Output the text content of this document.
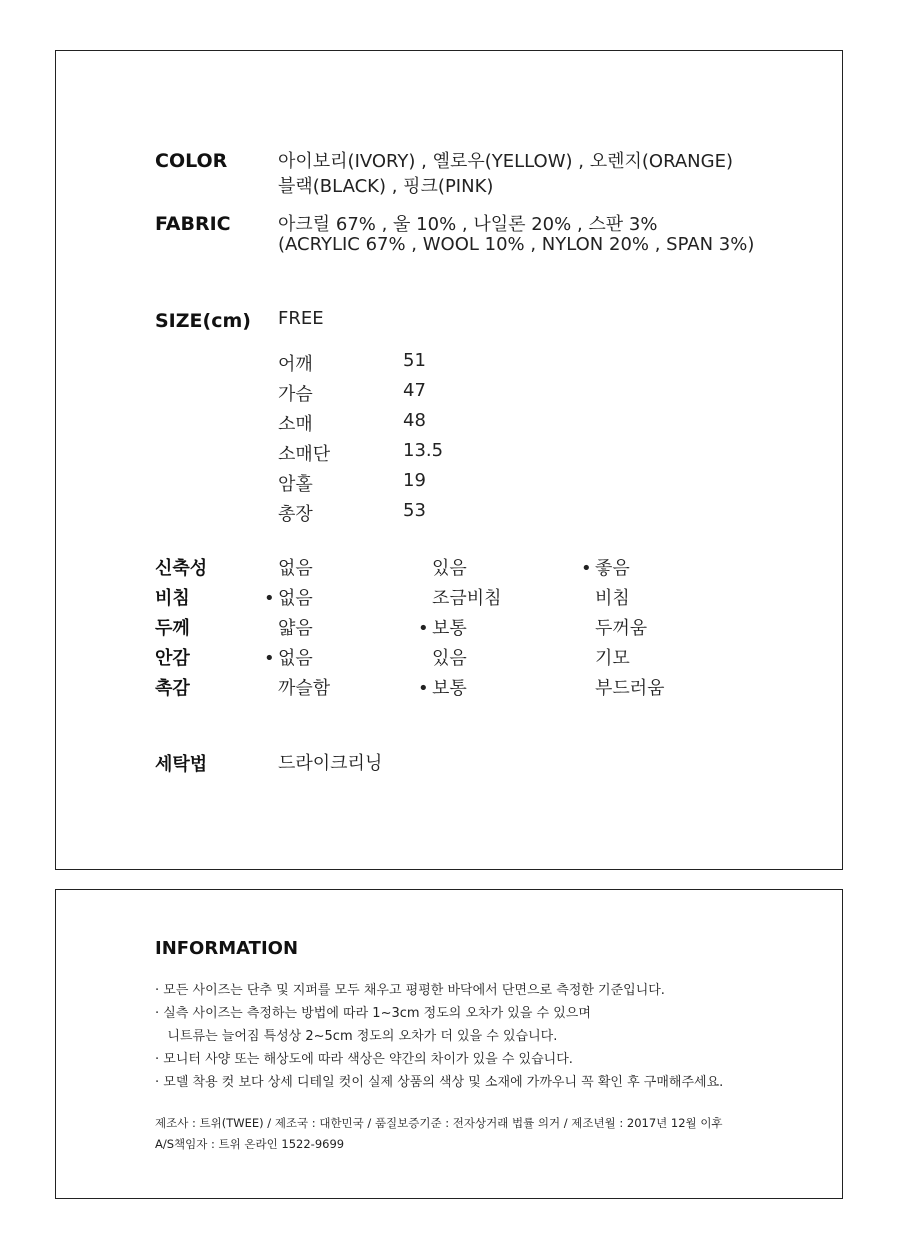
COLOR	아이보리(IVORY) , 옐로우(YELLOW) , 오렌지(ORANGE)
블랙(BLACK) , 핑크(PINK)
FABRIC	아크릴 67% , 울 10% , 나일론 20% , 스판 3%
(ACRYLIC 67% , WOOL 10% , NYLON 20% , SPAN 3%)
SIZE(cm) FREE
어깨	51
가슴	47
소매	48
소매단	13.5
암홀	19
총장	53
신축성	없음	있음	• 좋음
비침	• 없음	조금비침	비침
두께	얇음	• 보통	두꺼움
안감	• 없음	있음	기모
촉감	까슬함	• 보통	부드러움
세탁법	드라이크리닝
INFORMATION
· 모든 사이즈는 단추 및 지퍼를 모두 채우고 평평한 바닥에서 단면으로 측정한 기준입니다.
· 실측 사이즈는 측정하는 방법에 따라 1~3cm 정도의 오차가 있을 수 있으며
니트류는 늘어짐 특성상 2~5cm 정도의 오차가 더 있을 수 있습니다.
· 모니터 사양 또는 해상도에 따라 색상은 약간의 차이가 있을 수 있습니다.
· 모델 착용 컷 보다 상세 디테일 컷이 실제 상품의 색상 및 소재에 가까우니 꼭 확인 후 구매해주세요.
제조사 : 트위(TWEE) / 제조국 : 대한민국 / 품질보증기준 : 전자상거래 법률 의거 / 제조년월 : 2017년 12월 이후
A/S책임자 : 트위 온라인 1522-9699
